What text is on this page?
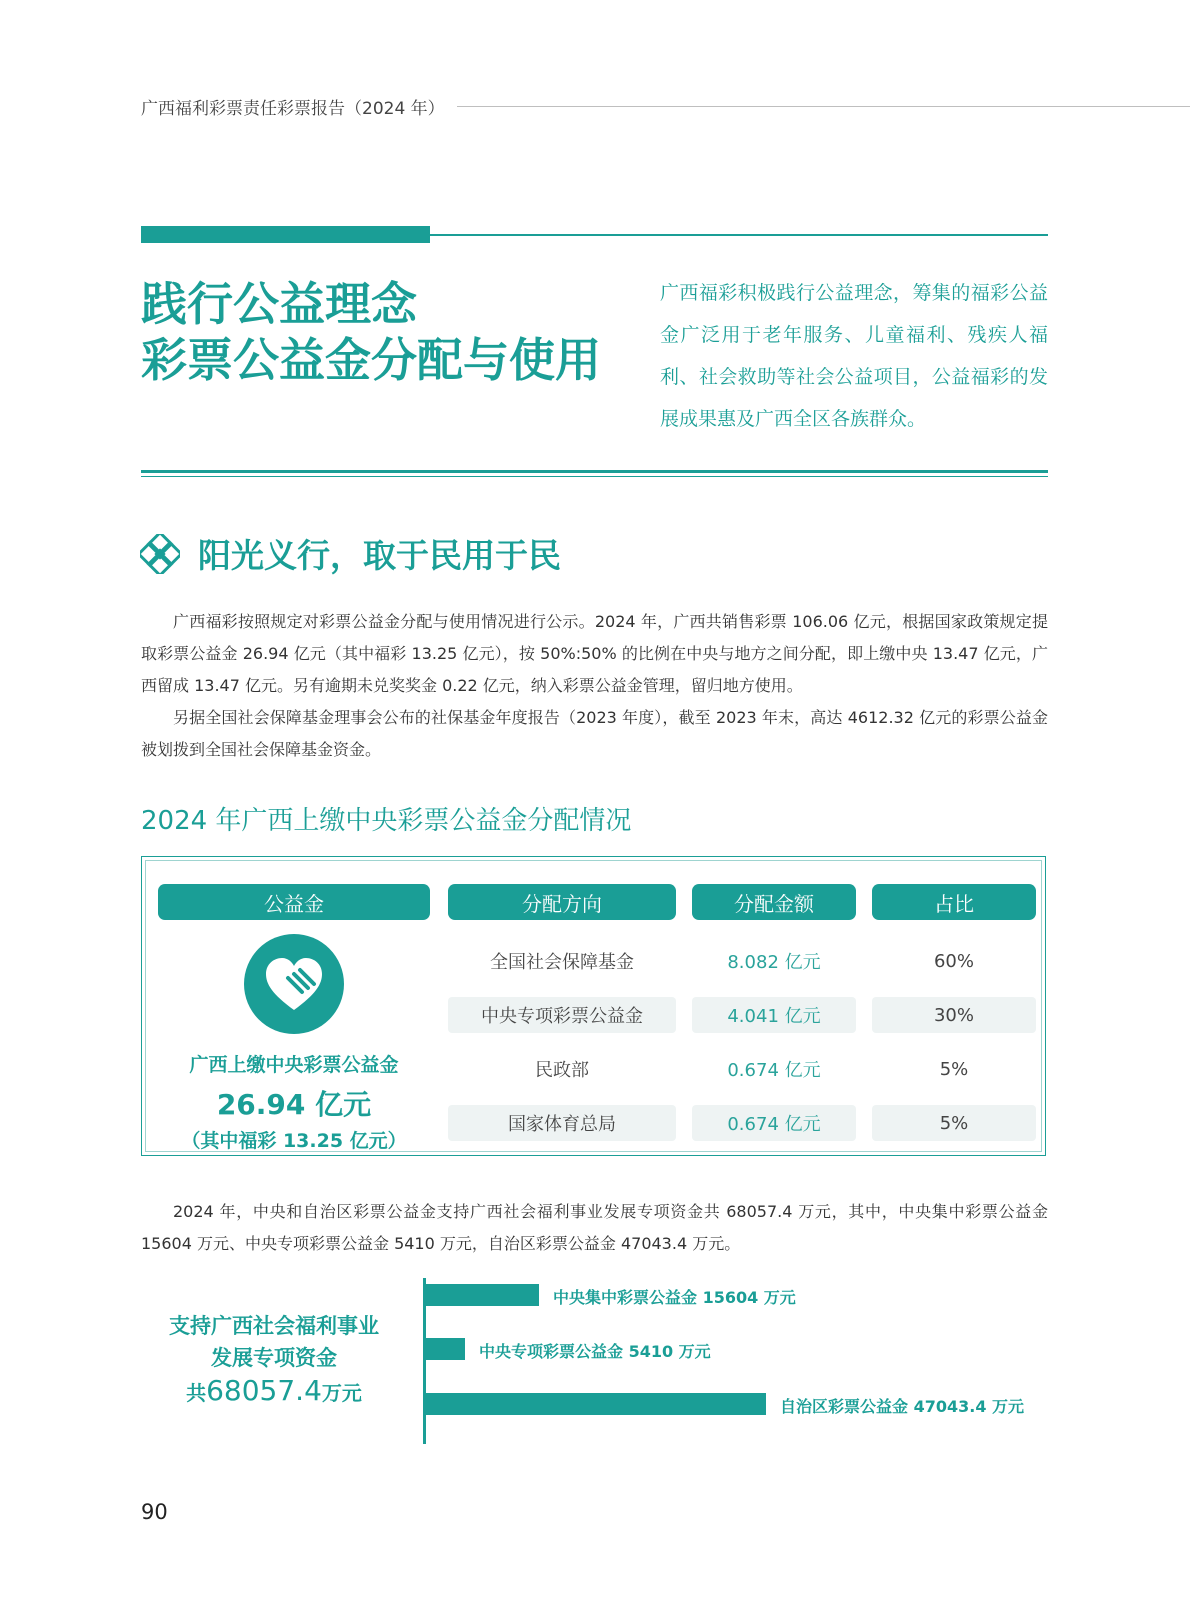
广西福利彩票责任彩票报告（2024 年）
践行公益理念
彩票公益金分配与使用
广西福彩积极践行公益理念，筹集的福彩公益金广泛用于老年服务、儿童福利、残疾人福利、社会救助等社会公益项目，公益福彩的发展成果惠及广西全区各族群众。
阳光义行，取于民用于民

广西福彩按照规定对彩票公益金分配与使用情况进行公示。2024 年，广西共销售彩票 106.06 亿元，根据国家政策规定提取彩票公益金 26.94 亿元（其中福彩 13.25 亿元），按 50%:50% 的比例在中央与地方之间分配，即上缴中央 13.47 亿元，广西留成 13.47 亿元。另有逾期未兑奖奖金 0.22 亿元，纳入彩票公益金管理，留归地方使用。

另据全国社会保障基金理事会公布的社保基金年度报告（2023 年度），截至 2023 年末，高达 4612.32 亿元的彩票公益金被划拨到全国社会保障基金资金。

2024 年广西上缴中央彩票公益金分配情况
公益金	分配方向	分配金额	占比
广西上缴中央彩票公益金
26.94 亿元
（其中福彩 13.25 亿元）
全国社会保障基金	8.082 亿元	60%
中央专项彩票公益金	4.041 亿元	30%
民政部	0.674 亿元	5%
国家体育总局	0.674 亿元	5%

2024 年，中央和自治区彩票公益金支持广西社会福利事业发展专项资金共 68057.4 万元，其中，中央集中彩票公益金 15604 万元、中央专项彩票公益金 5410 万元，自治区彩票公益金 47043.4 万元。

支持广西社会福利事业
发展专项资金
共68057.4万元
中央集中彩票公益金 15604 万元
中央专项彩票公益金 5410 万元
自治区彩票公益金 47043.4 万元
90
